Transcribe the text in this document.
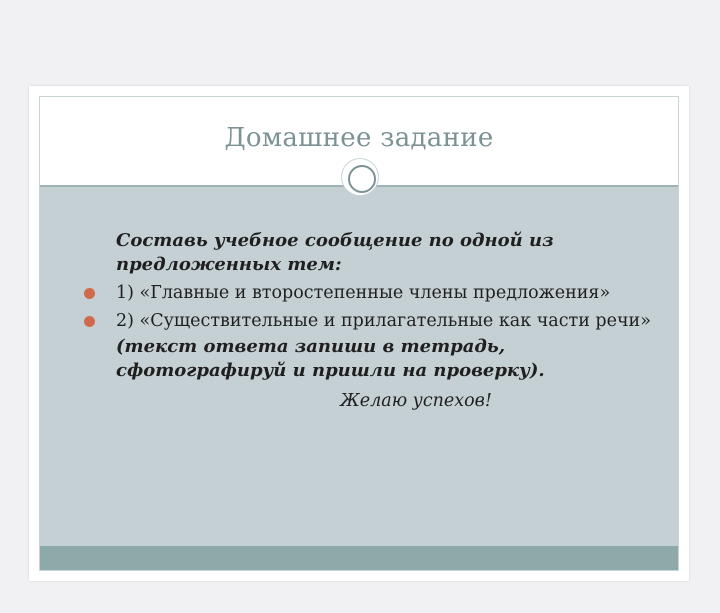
Домашнее задание
Составь учебное сообщение по одной из предложенных тем:
1) «Главные и второстепенные члены предложения»
2) «Существительные и прилагательные как части речи»
(текст ответа запиши в тетрадь, сфотографируй и пришли на проверку).
Желаю успехов!
